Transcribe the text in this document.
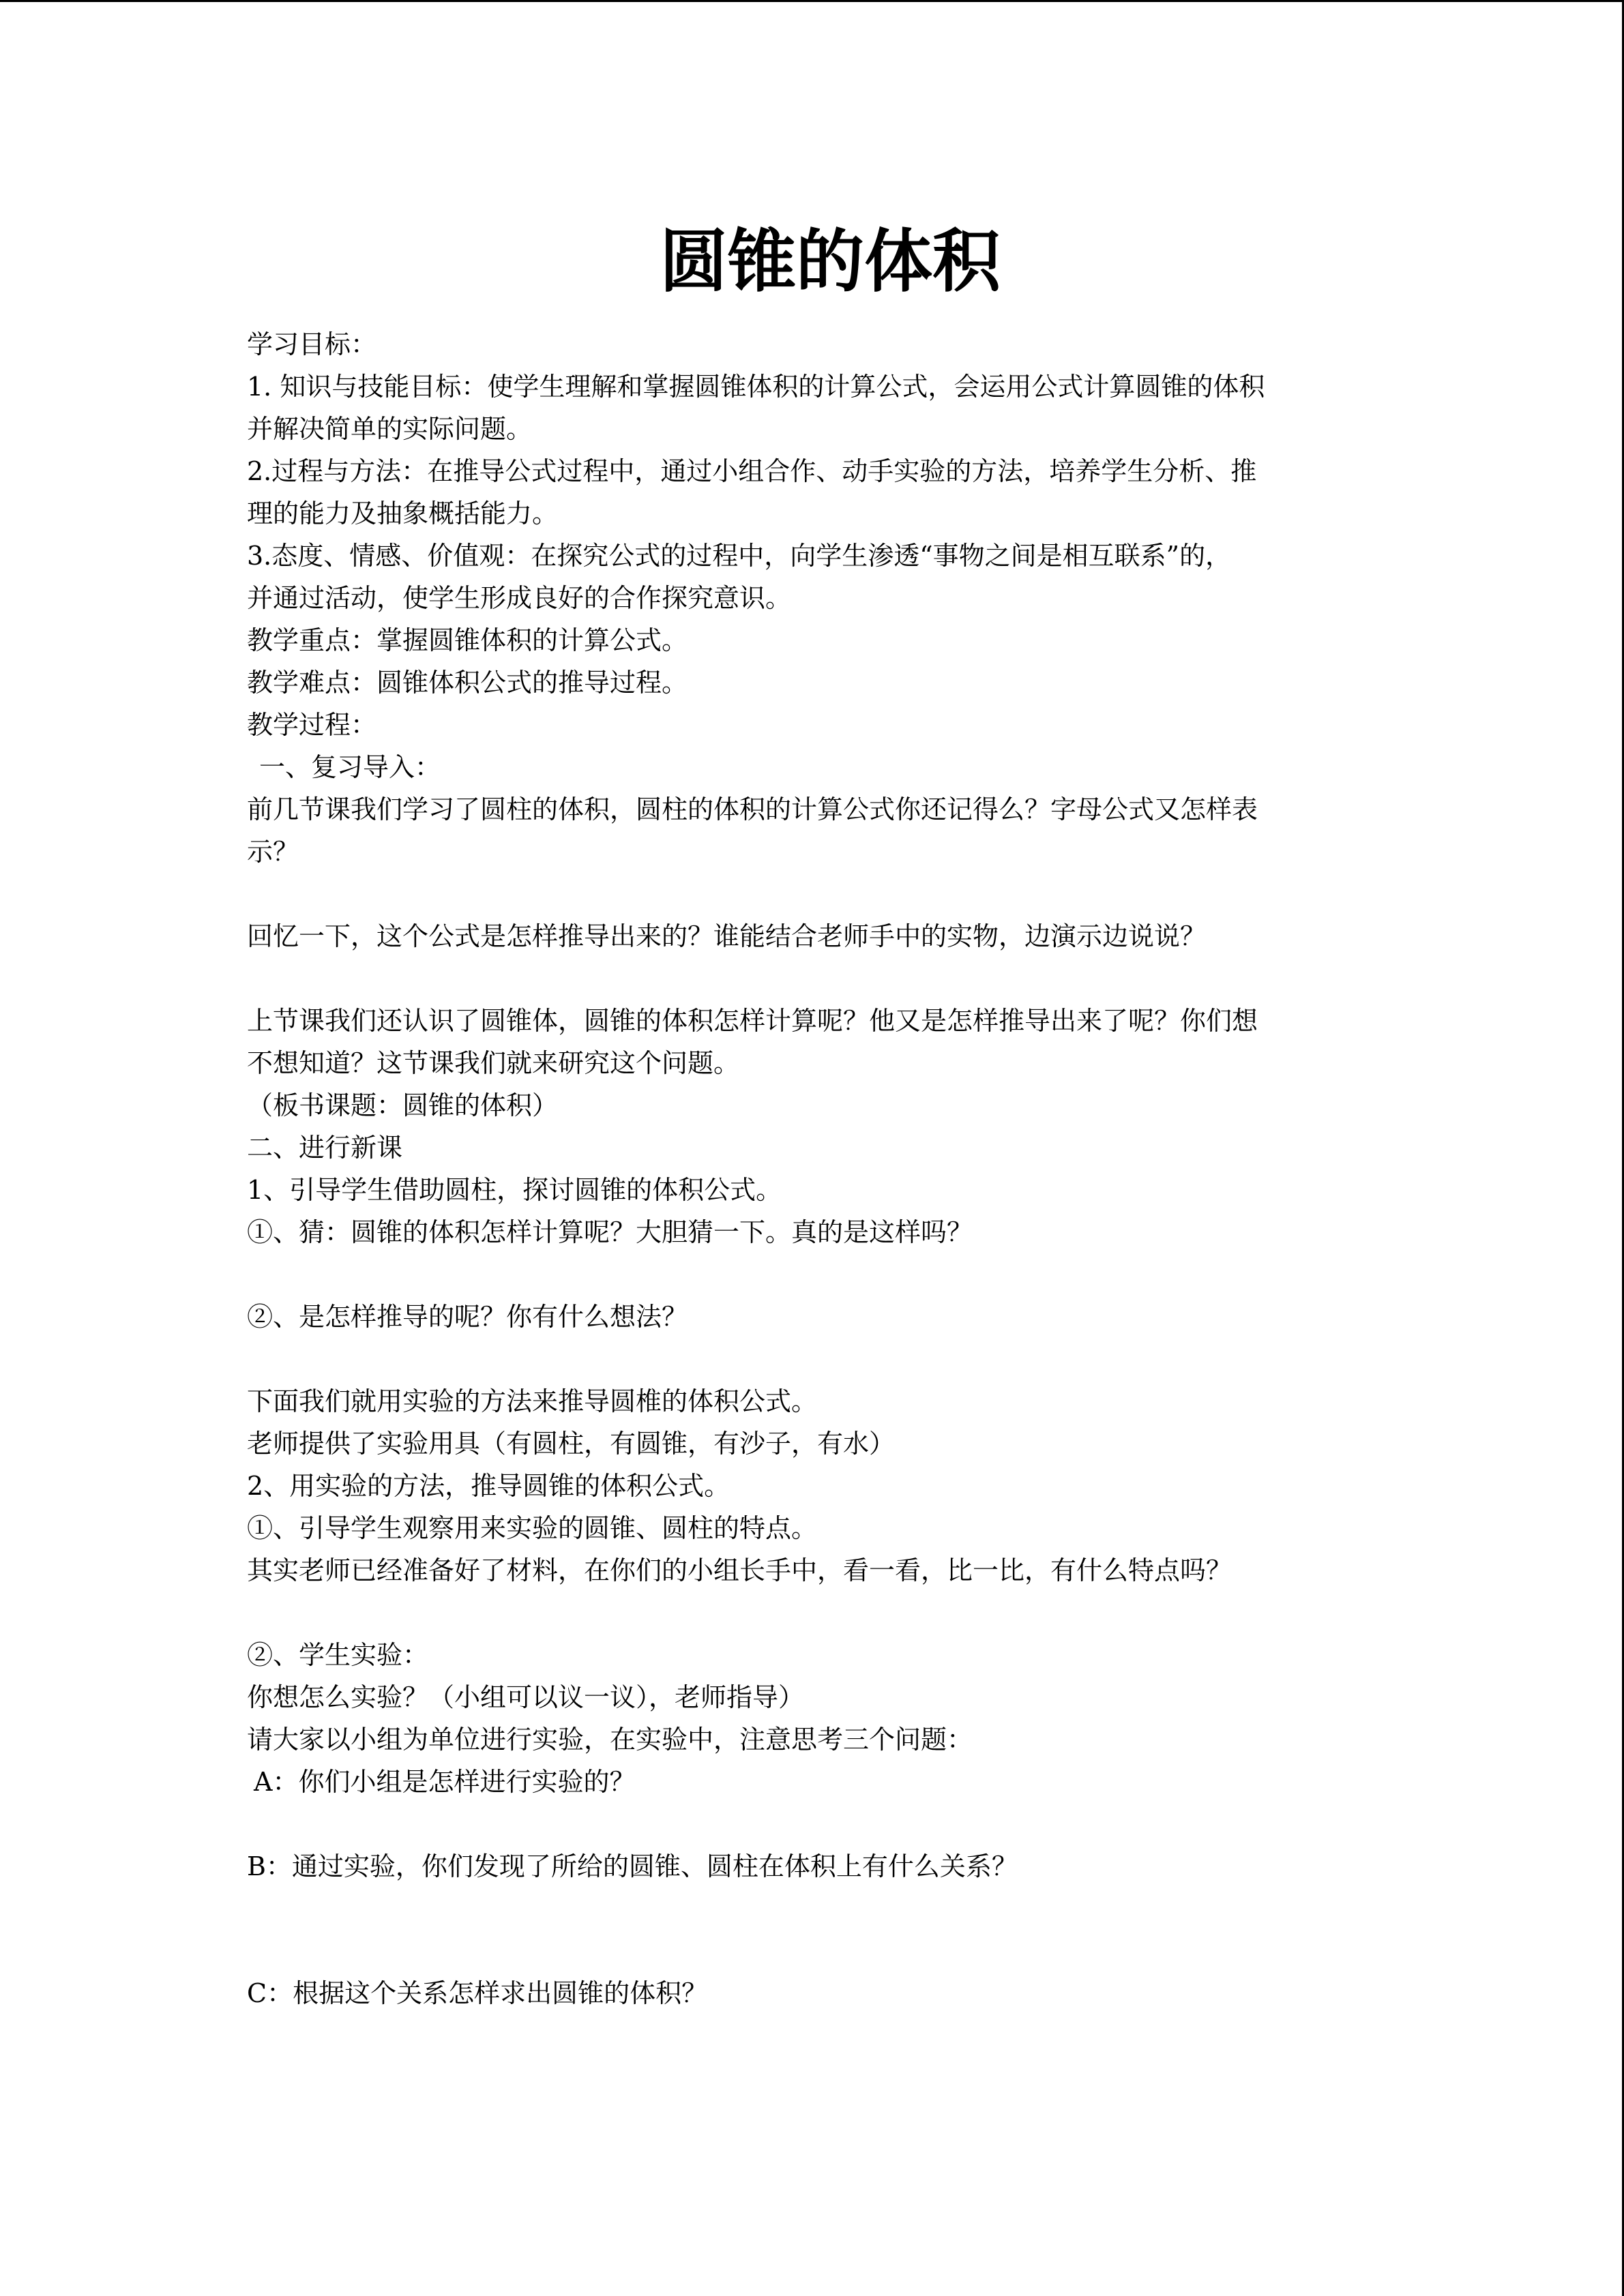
圆锥的体积

学习目标：

1. 知识与技能目标：使学生理解和掌握圆锥体积的计算公式，会运用公式计算圆锥的体积

并解决简单的实际问题。

2.过程与方法：在推导公式过程中，通过小组合作、动手实验的方法，培养学生分析、推

理的能力及抽象概括能力。

3.态度、情感、价值观：在探究公式的过程中，向学生渗透“事物之间是相互联系”的，

并通过活动，使学生形成良好的合作探究意识。

教学重点：掌握圆锥体积的计算公式。

教学难点：圆锥体积公式的推导过程。

教学过程：

一、复习导入：

前几节课我们学习了圆柱的体积，圆柱的体积的计算公式你还记得么？字母公式又怎样表

示？

回忆一下，这个公式是怎样推导出来的？谁能结合老师手中的实物，边演示边说说？

上节课我们还认识了圆锥体，圆锥的体积怎样计算呢？他又是怎样推导出来了呢？你们想

不想知道？这节课我们就来研究这个问题。

（板书课题：圆锥的体积）

二、进行新课

1、引导学生借助圆柱，探讨圆锥的体积公式。

①、猜：圆锥的体积怎样计算呢？大胆猜一下。真的是这样吗？

②、是怎样推导的呢？你有什么想法？

下面我们就用实验的方法来推导圆椎的体积公式。

老师提供了实验用具（有圆柱，有圆锥，有沙子，有水）

2、用实验的方法，推导圆锥的体积公式。

①、引导学生观察用来实验的圆锥、圆柱的特点。

其实老师已经准备好了材料，在你们的小组长手中，看一看，比一比，有什么特点吗？

②、学生实验：

你想怎么实验？（小组可以议一议），老师指导）

请大家以小组为单位进行实验，在实验中，注意思考三个问题：

A：你们小组是怎样进行实验的？

B：通过实验，你们发现了所给的圆锥、圆柱在体积上有什么关系？

C：根据这个关系怎样求出圆锥的体积？
